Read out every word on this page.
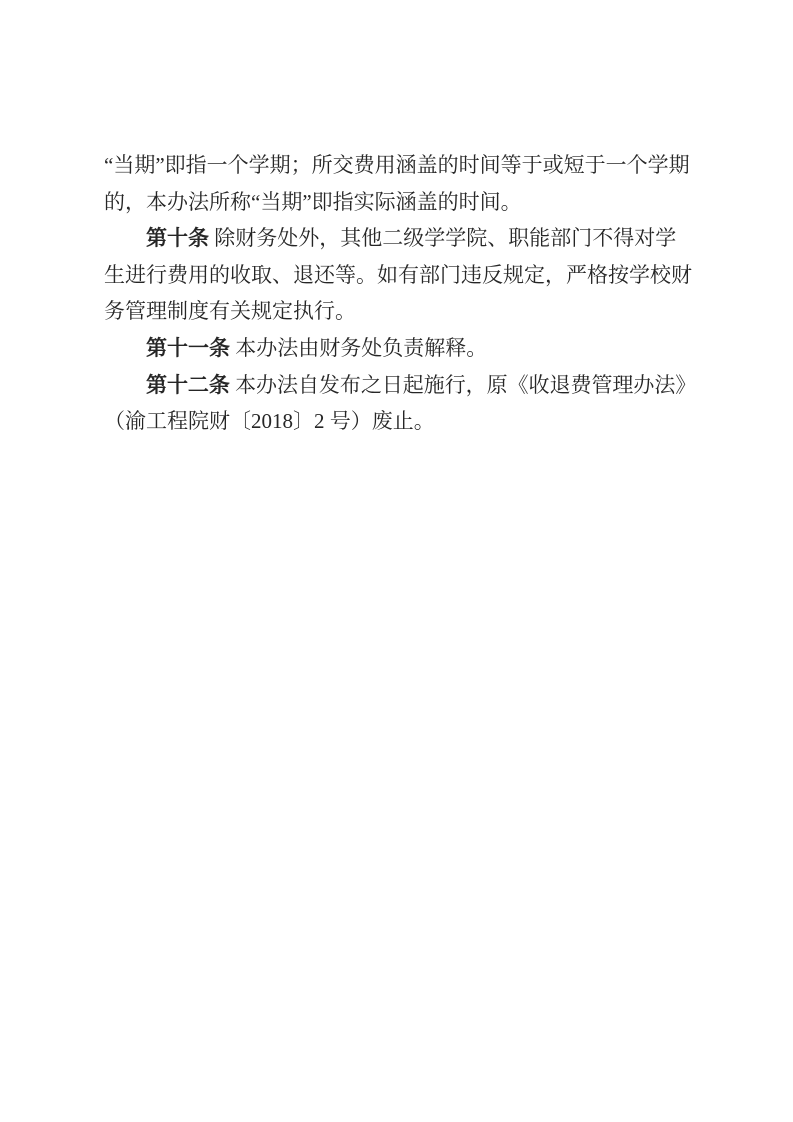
“当期”即指一个学期；所交费用涵盖的时间等于或短于一个学期
的，本办法所称“当期”即指实际涵盖的时间。
第十条 除财务处外，其他二级学学院、职能部门不得对学
生进行费用的收取、退还等。如有部门违反规定，严格按学校财
务管理制度有关规定执行。
第十一条 本办法由财务处负责解释。
第十二条 本办法自发布之日起施行，原《收退费管理办法》
（渝工程院财〔2018〕2 号）废止。
